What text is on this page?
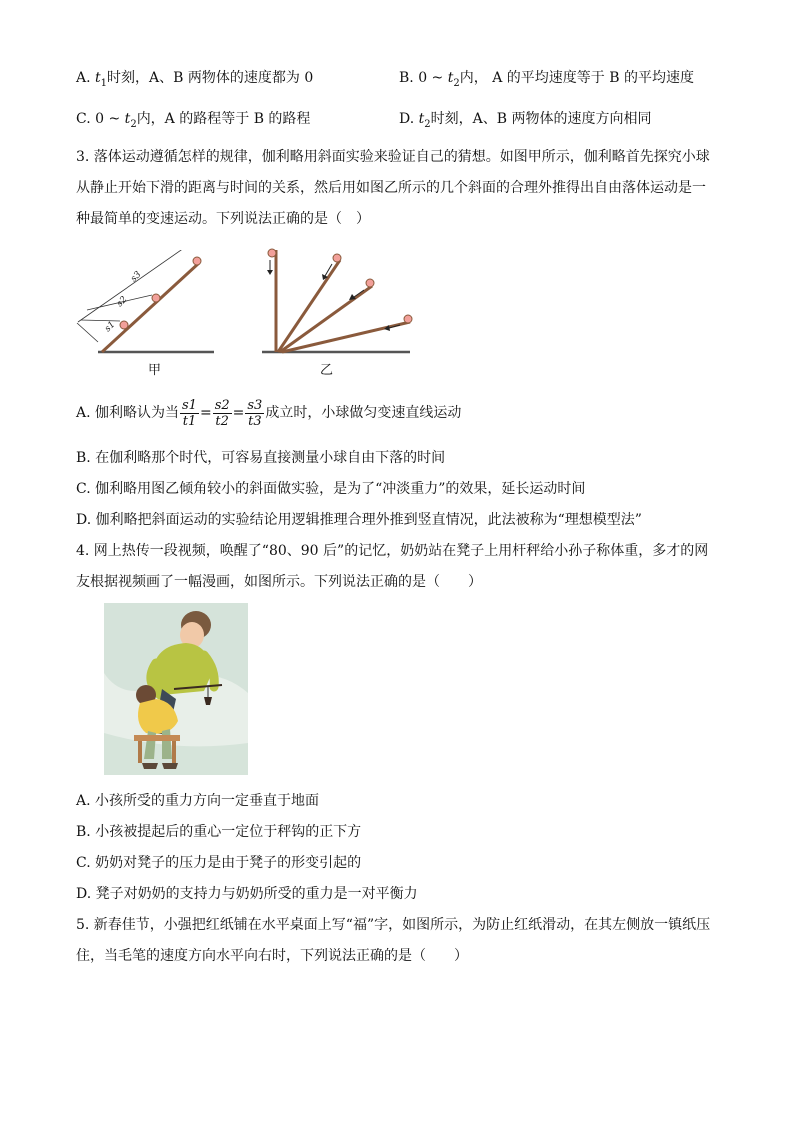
A. $t_1$时刻，A、B 两物体的速度都为 0	B. 0 ~ $t_2$内， A 的平均速度等于 B 的平均速度
C. 0 ~ $t_2$内，A 的路程等于 B 的路程	D. $t_2$时刻，A、B 两物体的速度方向相同
3. 落体运动遵循怎样的规律，伽利略用斜面实验来验证自己的猜想。如图甲所示，伽利略首先探究小球
从静止开始下滑的距离与时间的关系，然后用如图乙所示的几个斜面的合理外推得出自由落体运动是一
种最简单的变速运动。下列说法正确的是（　）
s1
s2
s3
甲	乙
A. 伽利略认为当 $\frac{s1}{t1} = \frac{s2}{t2} = \frac{s3}{t3}$ 成立时，小球做匀变速直线运动
B. 在伽利略那个时代，可容易直接测量小球自由下落的时间
C. 伽利略用图乙倾角较小的斜面做实验，是为了“冲淡重力”的效果，延长运动时间
D. 伽利略把斜面运动的实验结论用逻辑推理合理外推到竖直情况，此法被称为“理想模型法”
4. 网上热传一段视频，唤醒了“80、90 后”的记忆，奶奶站在凳子上用杆秤给小孙子称体重，多才的网
友根据视频画了一幅漫画，如图所示。下列说法正确的是（　　）
A. 小孩所受的重力方向一定垂直于地面
B. 小孩被提起后的重心一定位于秤钩的正下方
C. 奶奶对凳子的压力是由于凳子的形变引起的
D. 凳子对奶奶的支持力与奶奶所受的重力是一对平衡力
5. 新春佳节，小强把红纸铺在水平桌面上写“福”字，如图所示，为防止红纸滑动，在其左侧放一镇纸压
住，当毛笔的速度方向水平向右时，下列说法正确的是（　　）
